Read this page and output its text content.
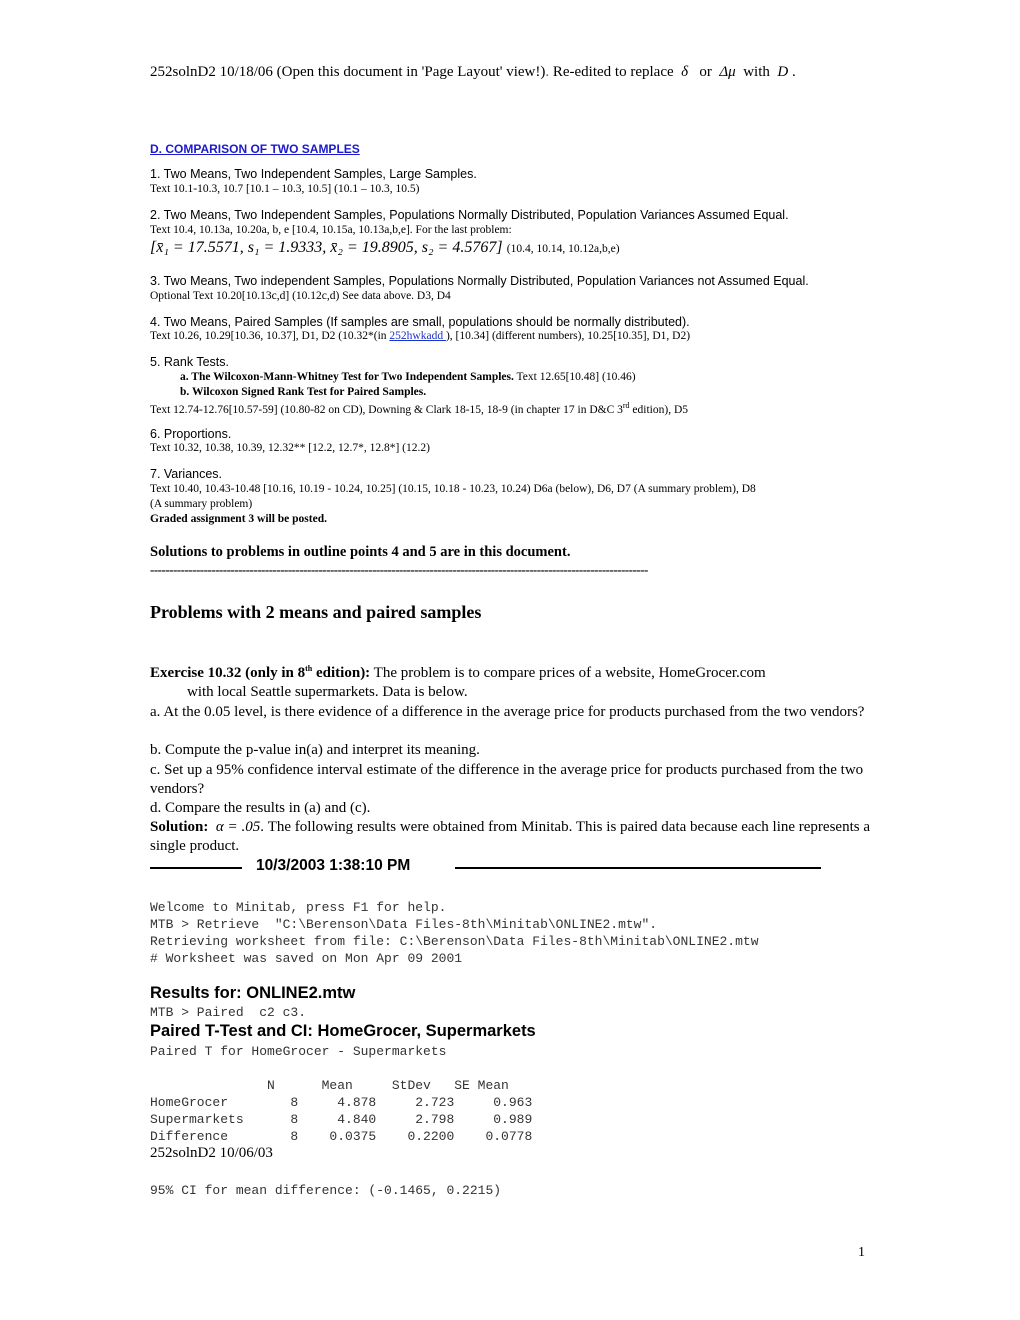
252solnD2 10/18/06 (Open this document in 'Page Layout' view!). Re-edited to replace δ or Δμ with D .
D. COMPARISON OF TWO SAMPLES
1. Two Means, Two Independent Samples, Large Samples.
Text 10.1-10.3, 10.7 [10.1 – 10.3, 10.5] (10.1 – 10.3, 10.5)
2. Two Means, Two Independent Samples, Populations Normally Distributed, Population Variances Assumed Equal.
Text 10.4, 10.13a, 10.20a, b, e [10.4, 10.15a, 10.13a,b,e]. For the last problem:
[x̄₁ = 17.5571, s₁ = 1.9333, x̄₂ = 19.8905, s₂ = 4.5767] (10.4, 10.14, 10.12a,b,e)
3. Two Means, Two independent Samples, Populations Normally Distributed, Population Variances not Assumed Equal.
Optional Text 10.20[10.13c,d] (10.12c,d) See data above. D3, D4
4. Two Means, Paired Samples (If samples are small, populations should be normally distributed).
Text 10.26, 10.29[10.36, 10.37], D1, D2 (10.32*(in 252hwkadd ), [10.34] (different numbers), 10.25[10.35], D1, D2)
5. Rank Tests.
a. The Wilcoxon-Mann-Whitney Test for Two Independent Samples. Text 12.65[10.48] (10.46)
b. Wilcoxon Signed Rank Test for Paired Samples.
Text 12.74-12.76[10.57-59] (10.80-82 on CD), Downing & Clark 18-15, 18-9 (in chapter 17 in D&C 3rd edition), D5
6. Proportions.
Text 10.32, 10.38, 10.39, 12.32** [12.2, 12.7*, 12.8*] (12.2)
7. Variances.
Text 10.40, 10.43-10.48 [10.16, 10.19 - 10.24, 10.25] (10.15, 10.18 - 10.23, 10.24) D6a (below), D6, D7 (A summary problem), D8
(A summary problem)
Graded assignment 3 will be posted.
Solutions to problems in outline points 4 and 5 are in this document.
----------------------------------------------------------------------------------------------------------------------------------
Problems with 2 means and paired samples
Exercise 10.32 (only in 8th edition): The problem is to compare prices of a website, HomeGrocer.com
with local Seattle supermarkets. Data is below.
a. At the 0.05 level, is there evidence of a difference in the average price for products purchased from the two vendors?
b. Compute the p-value in(a) and interpret its meaning.
c. Set up a 95% confidence interval estimate of the difference in the average price for products purchased from the two vendors?
d. Compare the results in (a) and (c).
Solution: α = .05. The following results were obtained from Minitab. This is paired data because each line represents a single product.
10/3/2003 1:38:10 PM
Welcome to Minitab, press F1 for help.
MTB > Retrieve  "C:\Berenson\Data Files-8th\Minitab\ONLINE2.mtw".
Retrieving worksheet from file: C:\Berenson\Data Files-8th\Minitab\ONLINE2.mtw
# Worksheet was saved on Mon Apr 09 2001
Results for: ONLINE2.mtw
MTB > Paired  c2 c3.
Paired T-Test and CI: HomeGrocer, Supermarkets
Paired T for HomeGrocer - Supermarkets
N      Mean     StDev   SE Mean
HomeGrocer        8     4.878     2.723     0.963
Supermarkets      8     4.840     2.798     0.989
Difference        8    0.0375    0.2200    0.0778
252solnD2 10/06/03
95% CI for mean difference: (-0.1465, 0.2215)
1
